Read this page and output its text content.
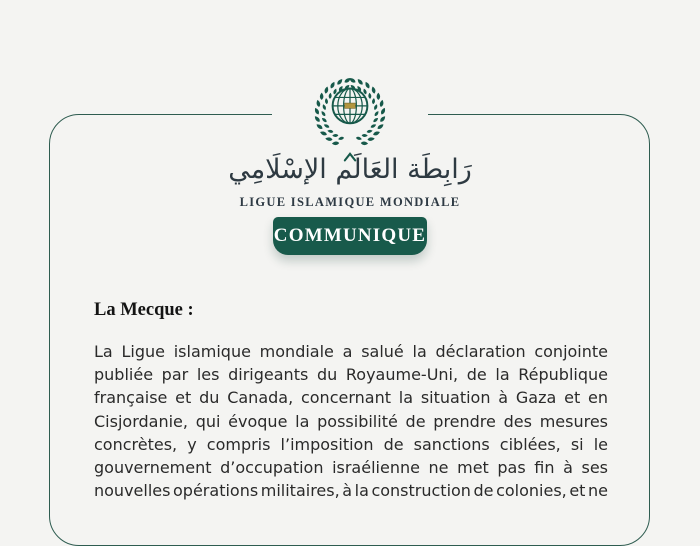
رَابِطَة العَالَم الإسْلَامِي
LIGUE ISLAMIQUE MONDIALE
COMMUNIQUE
La Mecque :
La Ligue islamique mondiale a salué la déclaration conjointe
publiée par les dirigeants du Royaume-Uni, de la République
française et du Canada, concernant la situation à Gaza et en
Cisjordanie, qui évoque la possibilité de prendre des mesures
concrètes, y compris l’imposition de sanctions ciblées, si le
gouvernement d’occupation israélienne ne met pas fin à ses
nouvelles opérations militaires, à la construction de colonies, et ne
